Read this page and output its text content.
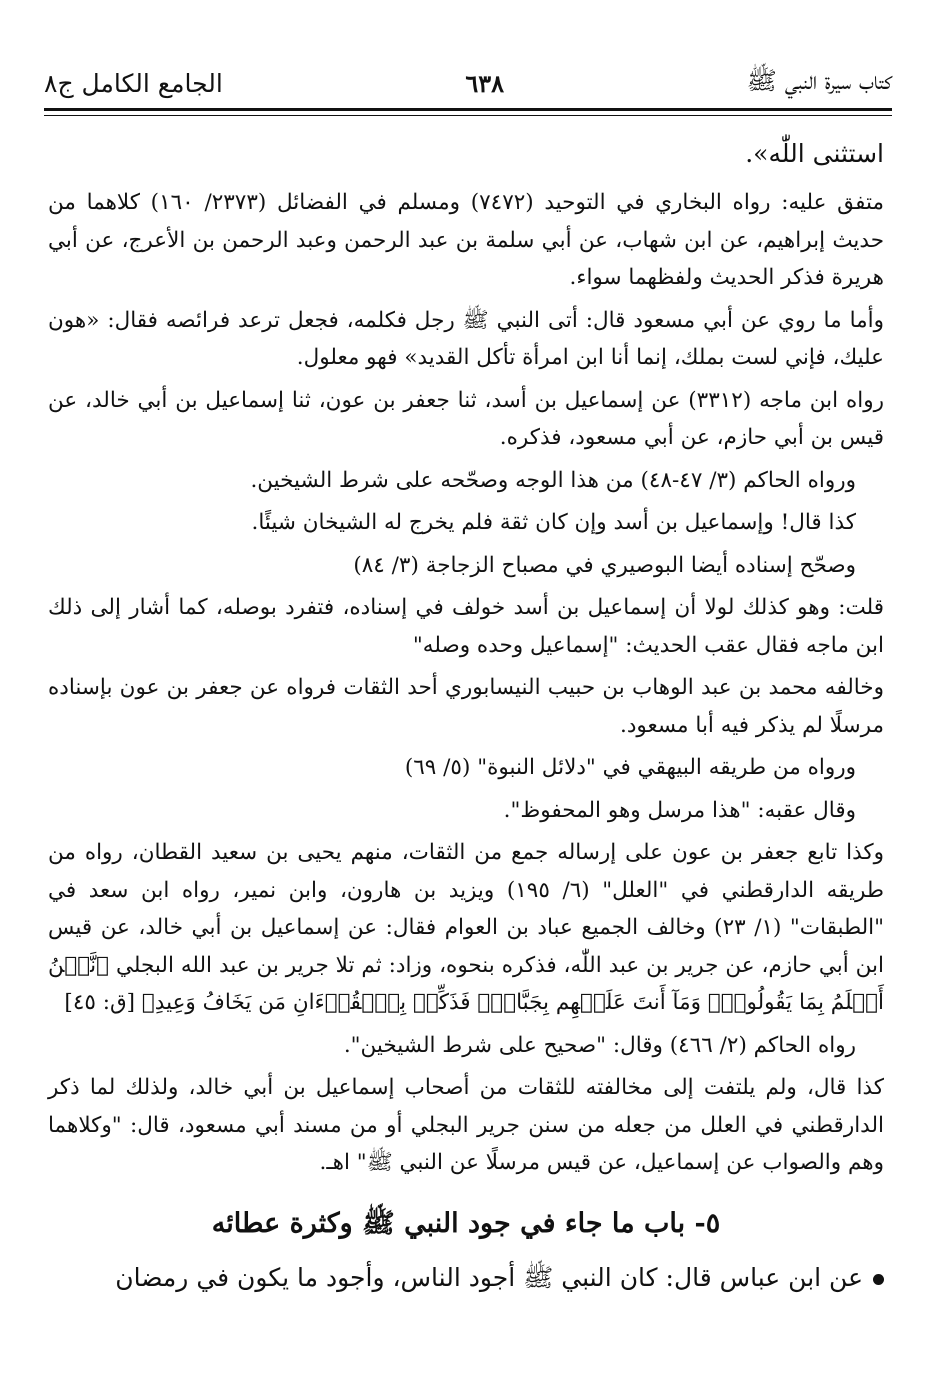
كتاب سيرة النبي ﷺ
٦٣٨
الجامع الكامل ج٨

استثنى اللّٰه».

متفق عليه: رواه البخاري في التوحيد (٧٤٧٢) ومسلم في الفضائل (٢٣٧٣/ ١٦٠) كلاهما من حديث إبراهيم، عن ابن شهاب، عن أبي سلمة بن عبد الرحمن وعبد الرحمن بن الأعرج، عن أبي هريرة فذكر الحديث ولفظهما سواء.

وأما ما روي عن أبي مسعود قال: أتى النبي ﷺ رجل فكلمه، فجعل ترعد فرائصه فقال: «هون عليك، فإني لست بملك، إنما أنا ابن امرأة تأكل القديد» فهو معلول.

رواه ابن ماجه (٣٣١٢) عن إسماعيل بن أسد، ثنا جعفر بن عون، ثنا إسماعيل بن أبي خالد، عن قيس بن أبي حازم، عن أبي مسعود، فذكره.

ورواه الحاكم (٣/ ٤٧-٤٨) من هذا الوجه وصحّحه على شرط الشيخين.

كذا قال! وإسماعيل بن أسد وإن كان ثقة فلم يخرج له الشيخان شيئًا.

وصحّح إسناده أيضا البوصيري في مصباح الزجاجة (٣/ ٨٤)

قلت: وهو كذلك لولا أن إسماعيل بن أسد خولف في إسناده، فتفرد بوصله، كما أشار إلى ذلك ابن ماجه فقال عقب الحديث: "إسماعيل وحده وصله"

وخالفه محمد بن عبد الوهاب بن حبيب النيسابوري أحد الثقات فرواه عن جعفر بن عون بإسناده مرسلًا لم يذكر فيه أبا مسعود.

ورواه من طريقه البيهقي في "دلائل النبوة" (٥/ ٦٩)

وقال عقبه: "هذا مرسل وهو المحفوظ".

وكذا تابع جعفر بن عون على إرساله جمع من الثقات، منهم يحيى بن سعيد القطان، رواه من طريقه الدارقطني في "العلل" (٦/ ١٩٥) ويزيد بن هارون، وابن نمير، رواه ابن سعد في "الطبقات" (١/ ٢٣) وخالف الجميع عباد بن العوام فقال: عن إسماعيل بن أبي خالد، عن قيس ابن أبي حازم، عن جرير بن عبد اللّٰه، فذكره بنحوه، وزاد: ثم تلا جرير بن عبد الله البجلي ﴿نَّحۡنُ أَعۡلَمُ بِمَا يَقُولُونَۖ وَمَآ أَنتَ عَلَيۡهِم بِجَبَّارٖۖ فَذَكِّرۡ بِٱلۡقُرۡءَانِ مَن يَخَافُ وَعِيدِ﴾ [ق: ٤٥]

رواه الحاكم (٢/ ٤٦٦) وقال: "صحيح على شرط الشيخين".

كذا قال، ولم يلتفت إلى مخالفته للثقات من أصحاب إسماعيل بن أبي خالد، ولذلك لما ذكر الدارقطني في العلل من جعله من سنن جرير البجلي أو من مسند أبي مسعود، قال: "وكلاهما وهم والصواب عن إسماعيل، عن قيس مرسلًا عن النبي ﷺ" اهـ.

٥- باب ما جاء في جود النبي ﷺ وكثرة عطائه

عن ابن عباس قال: كان النبي ﷺ أجود الناس، وأجود ما يكون في رمضان
